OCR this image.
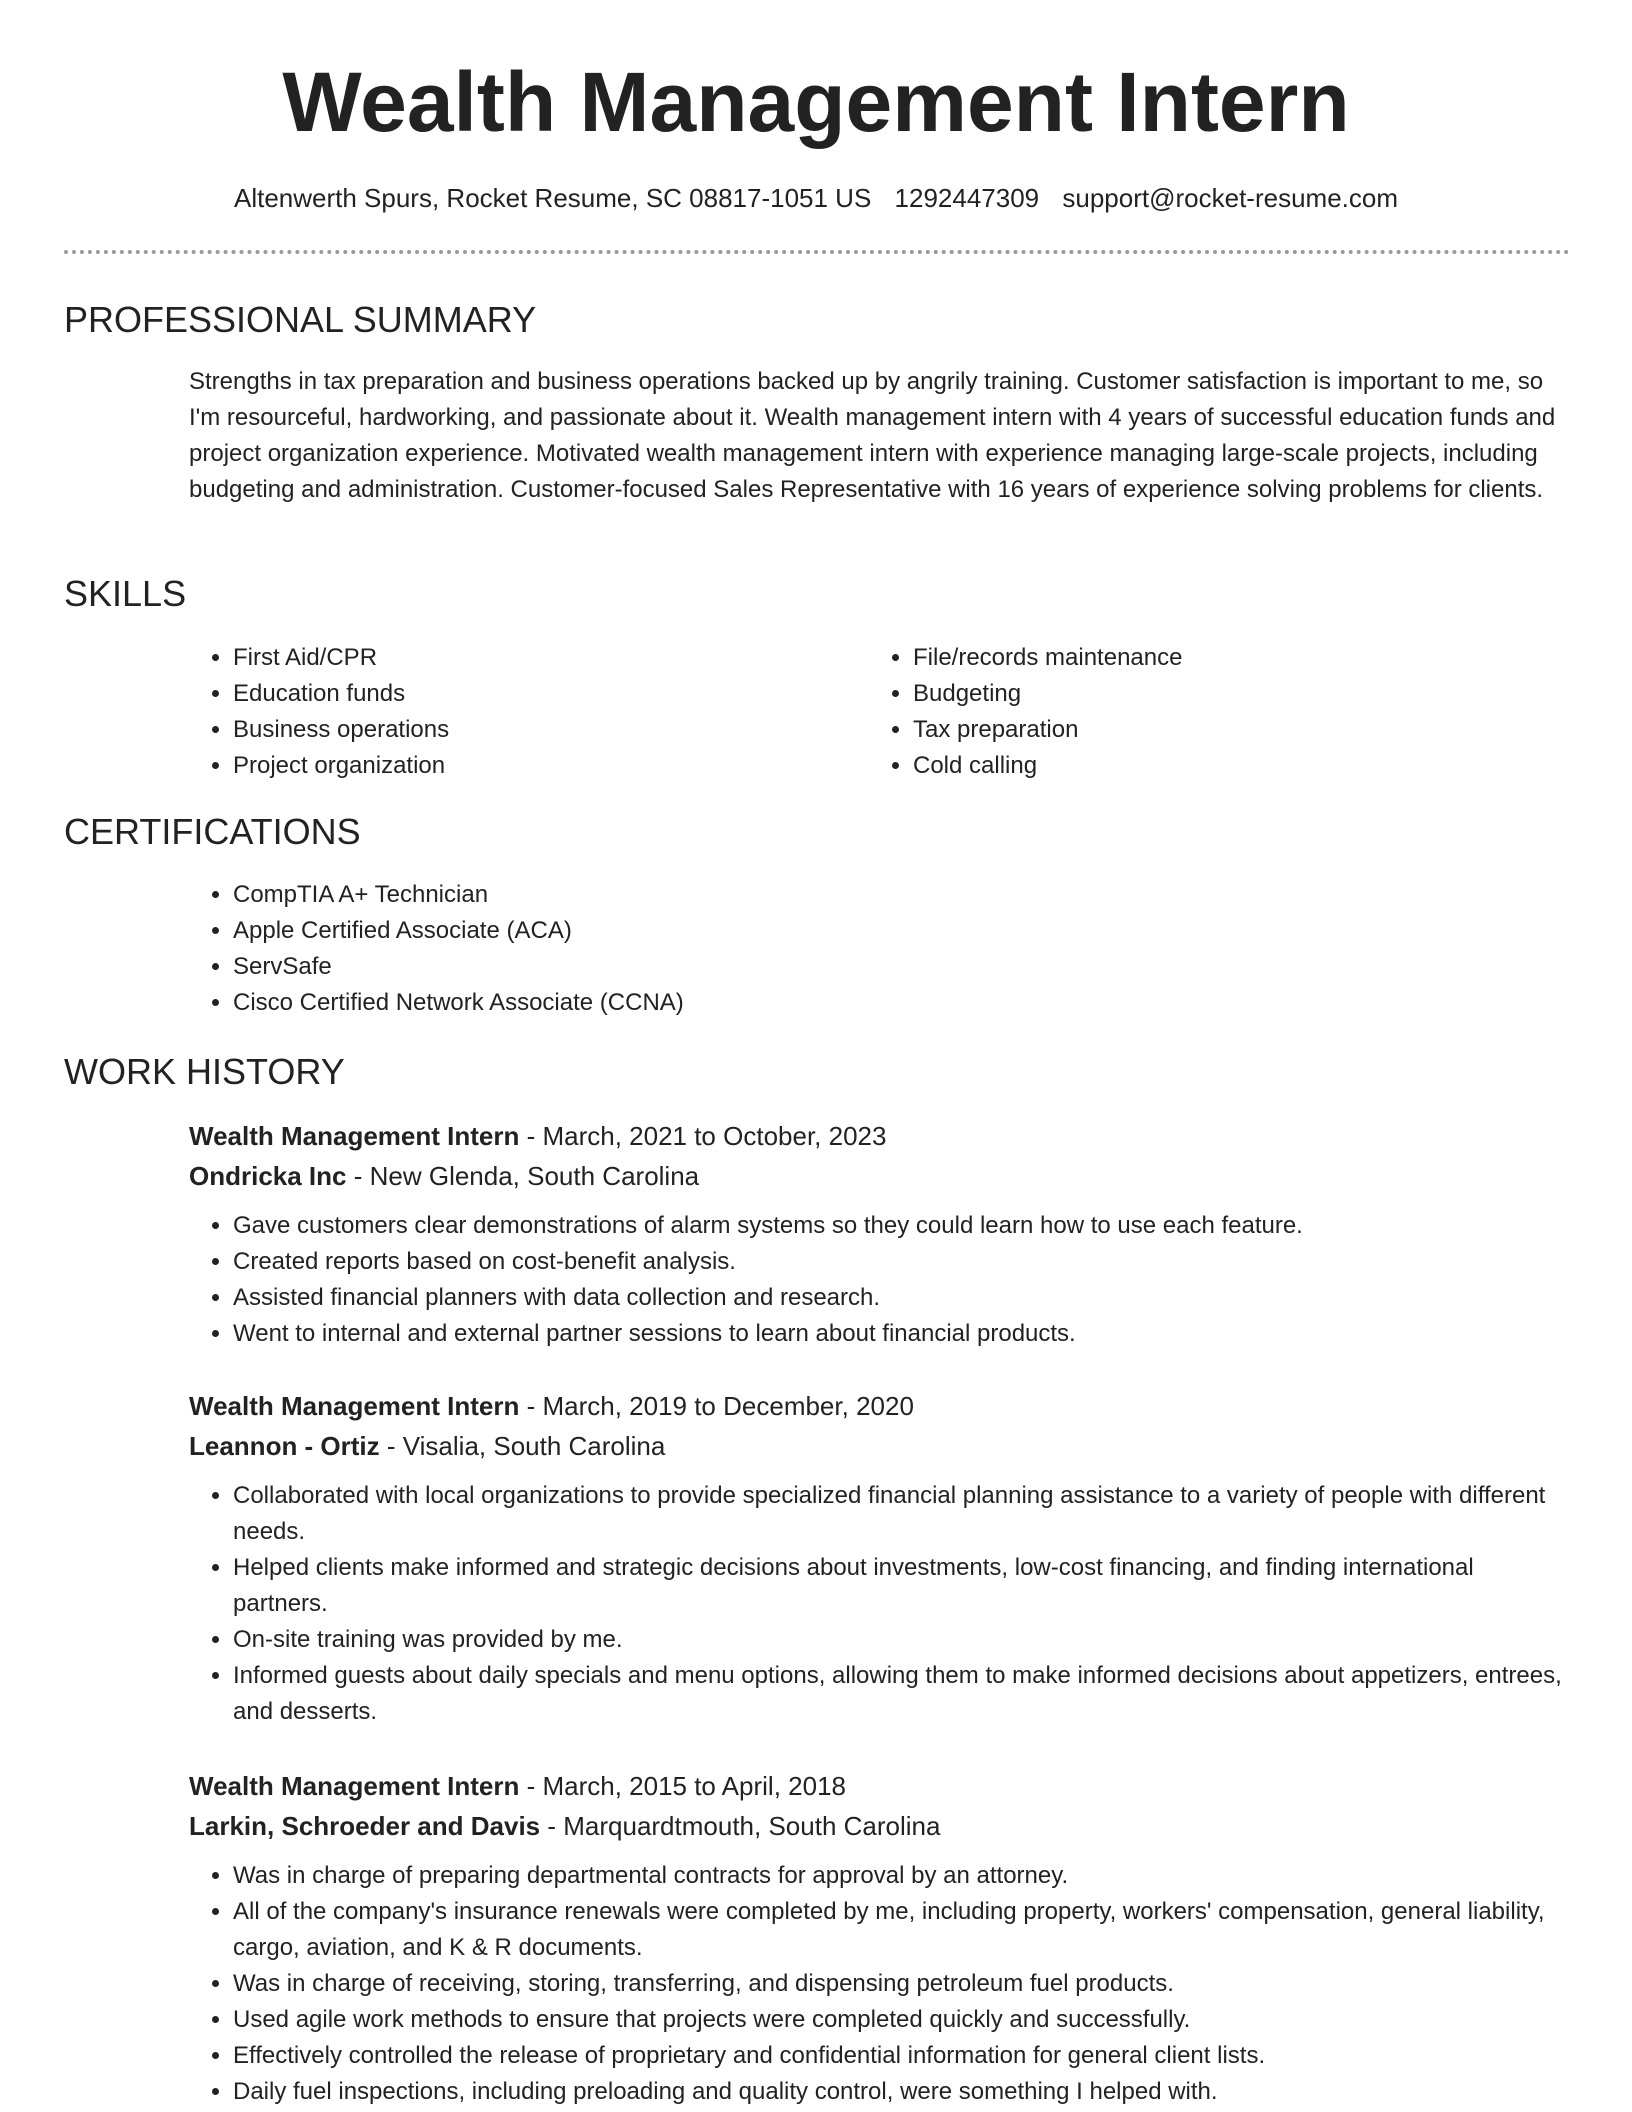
Wealth Management Intern
Altenwerth Spurs, Rocket Resume, SC 08817-1051 US 1292447309 support@rocket-resume.com
PROFESSIONAL SUMMARY
Strengths in tax preparation and business operations backed up by angrily training. Customer satisfaction is important to me, so I'm resourceful, hardworking, and passionate about it. Wealth management intern with 4 years of successful education funds and project organization experience. Motivated wealth management intern with experience managing large-scale projects, including budgeting and administration. Customer-focused Sales Representative with 16 years of experience solving problems for clients.
SKILLS
• First Aid/CPR
• Education funds
• Business operations
• Project organization
• File/records maintenance
• Budgeting
• Tax preparation
• Cold calling
CERTIFICATIONS
• CompTIA A+ Technician
• Apple Certified Associate (ACA)
• ServSafe
• Cisco Certified Network Associate (CCNA)
WORK HISTORY
Wealth Management Intern - March, 2021 to October, 2023
Ondricka Inc - New Glenda, South Carolina
• Gave customers clear demonstrations of alarm systems so they could learn how to use each feature.
• Created reports based on cost-benefit analysis.
• Assisted financial planners with data collection and research.
• Went to internal and external partner sessions to learn about financial products.
Wealth Management Intern - March, 2019 to December, 2020
Leannon - Ortiz - Visalia, South Carolina
• Collaborated with local organizations to provide specialized financial planning assistance to a variety of people with different needs.
• Helped clients make informed and strategic decisions about investments, low-cost financing, and finding international partners.
• On-site training was provided by me.
• Informed guests about daily specials and menu options, allowing them to make informed decisions about appetizers, entrees, and desserts.
Wealth Management Intern - March, 2015 to April, 2018
Larkin, Schroeder and Davis - Marquardtmouth, South Carolina
• Was in charge of preparing departmental contracts for approval by an attorney.
• All of the company's insurance renewals were completed by me, including property, workers' compensation, general liability, cargo, aviation, and K & R documents.
• Was in charge of receiving, storing, transferring, and dispensing petroleum fuel products.
• Used agile work methods to ensure that projects were completed quickly and successfully.
• Effectively controlled the release of proprietary and confidential information for general client lists.
• Daily fuel inspections, including preloading and quality control, were something I helped with.
